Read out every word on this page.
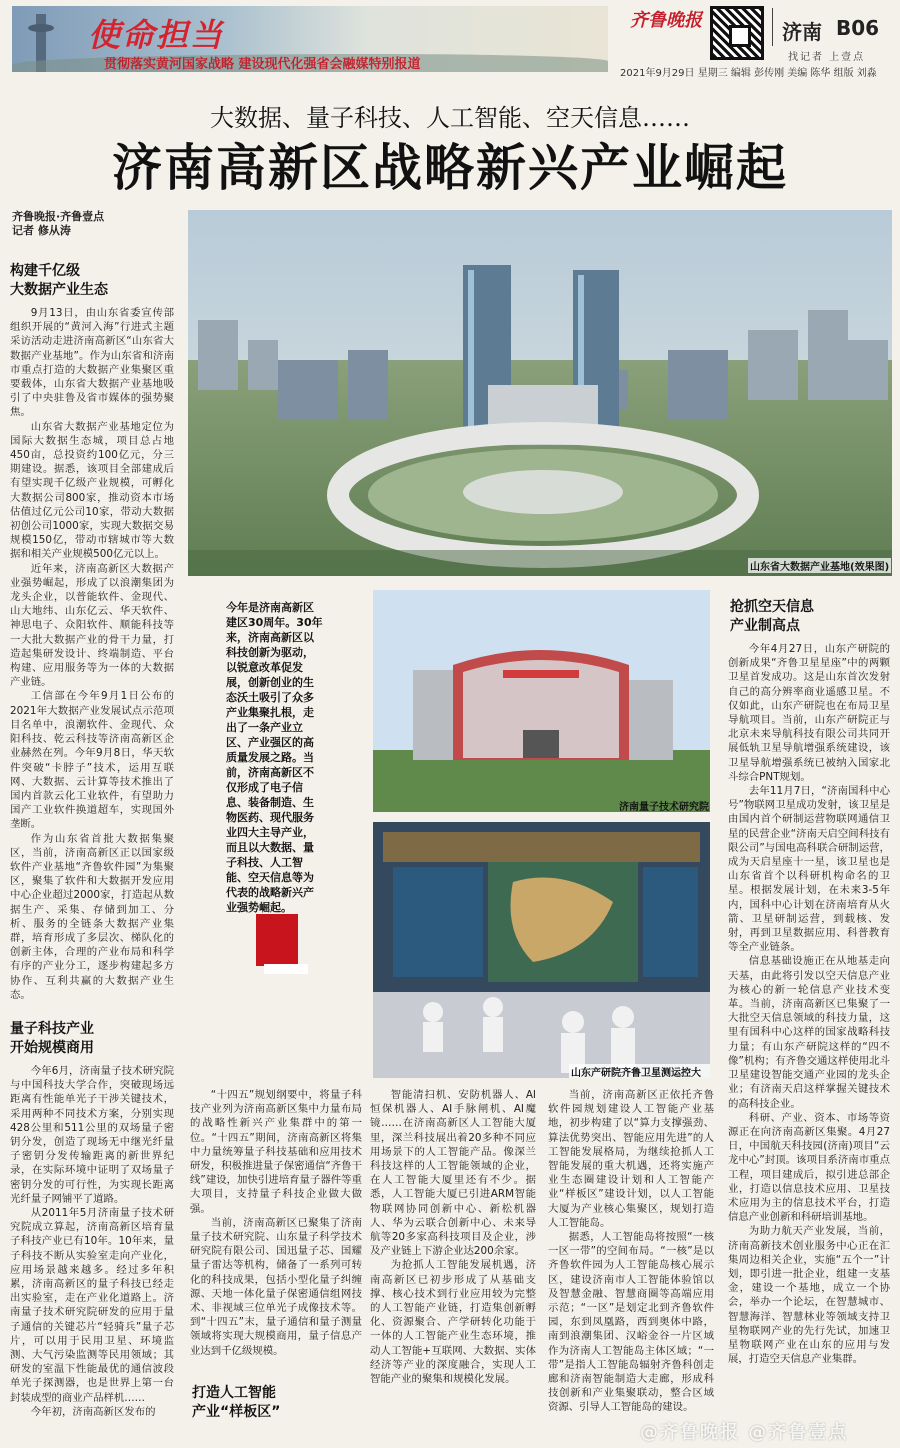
使命担当
贯彻落实黄河国家战略 建设现代化强省会融媒特别报道
齐鲁晚报	济南 B06
找记者 上壹点
2021年9月29日 星期三 编辑 彭传刚 美编 陈华 组版 刘淼
大数据、量子科技、人工智能、空天信息……
济南高新区战略新兴产业崛起
齐鲁晚报·齐鲁壹点
记者 修从涛
构建千亿级
大数据产业生态

9月13日，由山东省委宣传部组织开展的“黄河入海”行进式主题采访活动走进济南高新区“山东省大数据产业基地”。作为山东省和济南市重点打造的大数据产业集聚区重要载体，山东省大数据产业基地吸引了中央驻鲁及省市媒体的强势聚焦。

山东省大数据产业基地定位为国际大数据生态城，项目总占地450亩，总投资约100亿元，分三期建设。据悉，该项目全部建成后有望实现千亿级产业规模，可孵化大数据公司800家，推动资本市场估值过亿元公司10家，带动大数据初创公司1000家，实现大数据交易规模150亿，带动市辖城市等大数据和相关产业规模500亿元以上。

近年来，济南高新区大数据产业强势崛起，形成了以浪潮集团为龙头企业，以普能软件、金现代、山大地纬、山东亿云、华天软件、神思电子、众阳软件、顺能科技等一大批大数据产业的骨干力量，打造起集研发设计、终端制造、平台构建、应用服务等为一体的大数据产业链。

工信部在今年9月1日公布的2021年大数据产业发展试点示范项目名单中，浪潮软件、金现代、众阳科技、乾云科技等济南高新区企业赫然在列。今年9月8日，华天软件突破“卡脖子”技术，运用互联网、大数据、云计算等技术推出了国内首款云化工业软件，有望助力国产工业软件换道超车，实现国外垄断。

作为山东省首批大数据集聚区，当前，济南高新区正以国家级软件产业基地“齐鲁软件园”为集聚区，聚集了软件和大数据开发应用中心企业超过2000家，打造起从数据生产、采集、存储到加工、分析、服务的全链条大数据产业集群，培育形成了多层次、梯队化的创新主体，合理的产业布局和科学有序的产业分工，逐步构建起多方协作、互利共赢的大数据产业生态。

量子科技产业
开始规模商用

今年6月，济南量子技术研究院与中国科技大学合作，突破现场远距离有性能单光子干涉关键技术，采用两种不同技术方案，分别实现428公里和511公里的双场量子密钥分发，创造了现场无中继光纤量子密钥分发传输距离的新世界纪录，在实际环境中证明了双场量子密钥分发的可行性，为实现长距离光纤量子网铺平了道路。

从2011年5月济南量子技术研究院成立算起，济南高新区培育量子科技产业已有10年。10年来，量子科技不断从实验室走向产业化，应用场景越来越多。经过多年积累，济南高新区的量子科技已经走出实验室，走在产业化道路上。济南量子技术研究院研发的应用于量子通信的关键芯片“轻骑兵”量子芯片，可以用于民用卫星、环境监测、大气污染监测等民用领域；其研发的室温下性能最优的通信波段单光子探测器，也是世界上第一台封装成型的商业产品样机……

今年初，济南高新区发布的

山东省大数据产业基地(效果图)
今年是济南高新区建区30周年。30年来，济南高新区以科技创新为驱动，以锐意改革促发展，创新创业的生态沃土吸引了众多产业集聚扎根，走出了一条产业立区、产业强区的高质量发展之路。当前，济南高新区不仅形成了电子信息、装备制造、生物医药、现代服务业四大主导产业，而且以大数据、量子科技、人工智能、空天信息等为代表的战略新兴产业强势崛起。
济南量子技术研究院
山东产研院齐鲁卫星测运控大
抢抓空天信息
产业制高点

今年4月27日，山东产研院的创新成果“齐鲁卫星星座”中的两颗卫星首发成功。这是山东首次发射自己的高分辨率商业遥感卫星。不仅如此，山东产研院也在布局卫星导航项目。当前，山东产研院正与北京未来导航科技有限公司共同开展低轨卫星导航增强系统建设，该卫星导航增强系统已被纳入国家北斗综合PNT规划。

去年11月7日，“济南国科中心号”物联网卫星成功发射，该卫星是由国内首个研制运营物联网通信卫星的民营企业“济南天启空间科技有限公司”与国电高科联合研制运营，成为天启星座十一星，该卫星也是山东省首个以科研机构命名的卫星。根据发展计划，在未来3-5年内，国科中心计划在济南培育从火箭、卫星研制运营，到载核、发射，再到卫星数据应用、科普教育等全产业链条。

信息基础设施正在从地基走向天基，由此将引发以空天信息产业为核心的新一轮信息产业技术变革。当前，济南高新区已集聚了一大批空天信息领域的科技力量，这里有国科中心这样的国家战略科技力量；有山东产研院这样的“四不像”机构；有齐鲁交通这样使用北斗卫星建设智能交通产业园的龙头企业；有济南天启这样掌握关键技术的高科技企业。

科研、产业、资本、市场等资源正在向济南高新区集聚。4月27日，中国航天科技园(济南)项目“云龙中心”封顶。该项目系济南市重点工程，项目建成后，拟引进总部企业，打造以信息技术应用、卫星技术应用为主的信息技术平台，打造信息产业创新和科研培训基地。

为助力航天产业发展，当前，济南高新技术创业服务中心正在汇集周边相关企业，实施“五个一”计划，即引进一批企业，组建一支基金，建设一个基地，成立一个协会，举办一个论坛，在智慧城市、智慧海洋、智慧林业等领域支持卫星物联网产业的先行先试，加速卫星物联网产业在山东的应用与发展，打造空天信息产业集群。

“十四五”规划纲要中，将量子科技产业列为济南高新区集中力量布局的战略性新兴产业集群中的第一位。“十四五”期间，济南高新区将集中力量统筹量子科技基础和应用技术研发，积极推进量子保密通信“齐鲁干线”建设，加快引进培育量子器件等重大项目，支持量子科技企业做大做强。

当前，济南高新区已聚集了济南量子技术研究院、山东量子科学技术研究院有限公司、国迅量子芯、国耀量子雷达等机构，储备了一系列可转化的科技成果，包括小型化量子纠缠源、天地一体化量子保密通信组网技术、非视域三位单光子成像技术等。到“十四五”末，量子通信和量子测量领域将实现大规模商用，量子信息产业达到千亿级规模。

打造人工智能
产业“样板区”

智能清扫机、安防机器人、AI恒保机器人、AI手脉闸机、AI魔镜……在济南高新区人工智能大厦里，深兰科技展出着20多种不同应用场景下的人工智能产品。像深兰科技这样的人工智能领域的企业，在人工智能大厦里还有不少。据悉，人工智能大厦已引进ARM智能物联网协同创新中心、新松机器人、华为云联合创新中心、未来导航等20多家高科技项目及企业，涉及产业链上下游企业达200余家。

为抢抓人工智能发展机遇，济南高新区已初步形成了从基础支撑、核心技术到行业应用较为完整的人工智能产业链，打造集创新孵化、资源聚合、产学研转化功能于一体的人工智能产业生态环境，推动人工智能+互联网、大数据、实体经济等产业的深度融合，实现人工智能产业的聚集和规模化发展。

当前，济南高新区正依托齐鲁软件园规划建设人工智能产业基地，初步构建了以“算力支撑强劲、算法优势突出、智能应用先进”的人工智能发展格局，为继续抢抓人工智能发展的重大机遇，还将实施产业生态圈建设计划和人工智能产业“样板区”建设计划，以人工智能大厦为产业核心集聚区，规划打造人工智能岛。

据悉，人工智能岛将按照“一核一区一带”的空间布局。“一核”是以齐鲁软件园为人工智能岛核心展示区，建设济南市人工智能体验馆以及智慧金融、智慧商圈等高端应用示范；“一区”是划定北到齐鲁软件园，东到凤凰路，西到奥体中路，南到浪潮集团、汉峪金谷一片区域作为济南人工智能岛主体区域；“一带”是指人工智能岛辐射齐鲁科创走廊和济南智能制造大走廊，形成科技创新和产业集聚联动，整合区域资源、引导人工智能岛的建设。

@齐鲁晚报 @齐鲁壹点
